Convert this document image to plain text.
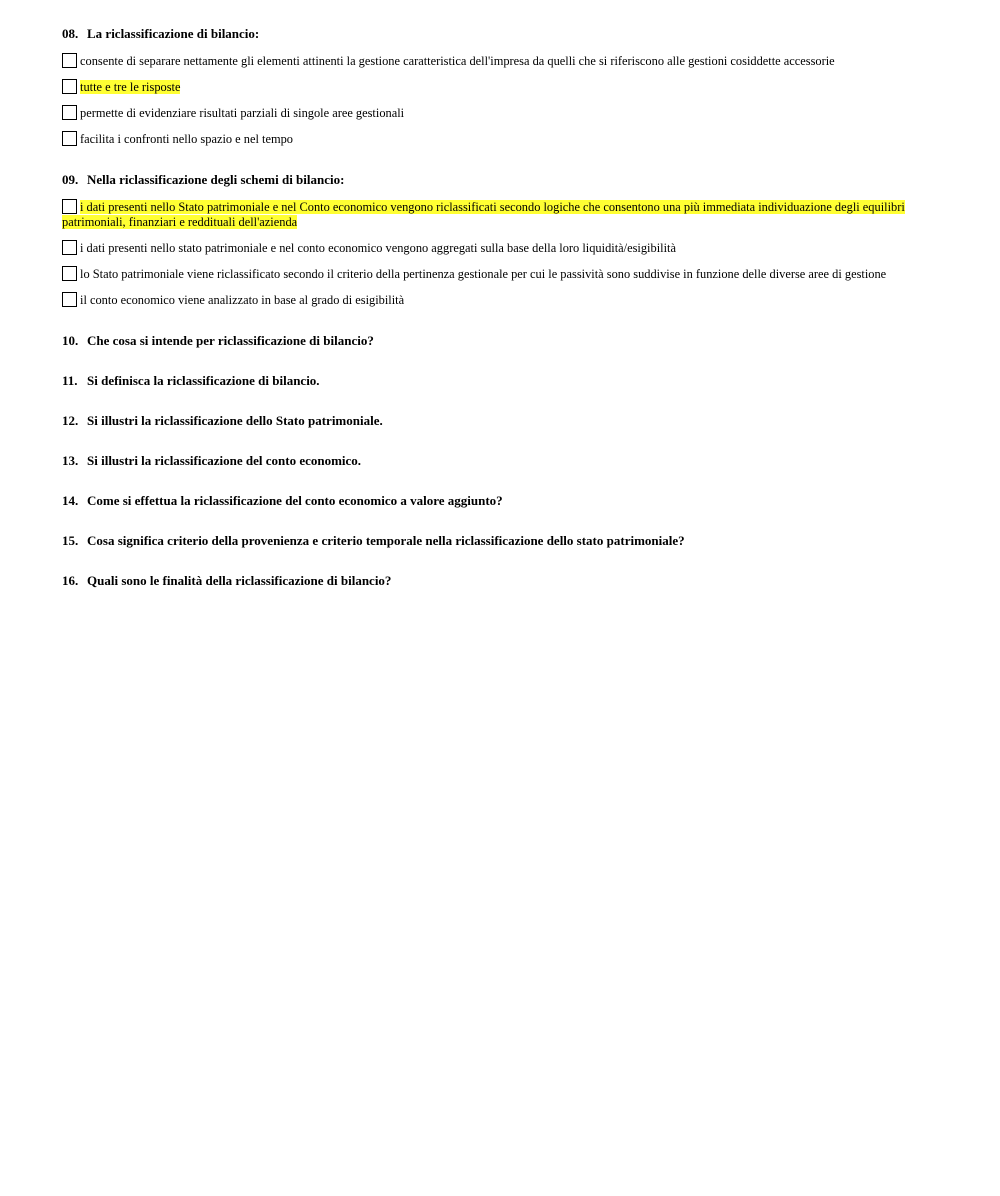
08. La riclassificazione di bilancio:
consente di separare nettamente gli elementi attinenti la gestione caratteristica dell'impresa da quelli che si riferiscono alle gestioni cosiddette accessorie
tutte e tre le risposte
permette di evidenziare risultati parziali di singole aree gestionali
facilita i confronti nello spazio e nel tempo
09. Nella riclassificazione degli schemi di bilancio:
i dati presenti nello Stato patrimoniale e nel Conto economico vengono riclassificati secondo logiche che consentono una più immediata individuazione degli equilibri patrimoniali, finanziari e reddituali dell'azienda
i dati presenti nello stato patrimoniale e nel conto economico vengono aggregati sulla base della loro liquidità/esigibilità
lo Stato patrimoniale viene riclassificato secondo il criterio della pertinenza gestionale per cui le passività sono suddivise in funzione delle diverse aree di gestione
il conto economico viene analizzato in base al grado di esigibilità
10. Che cosa si intende per riclassificazione di bilancio?
11. Si definisca la riclassificazione di bilancio.
12. Si illustri la riclassificazione dello Stato patrimoniale.
13. Si illustri la riclassificazione del conto economico.
14. Come si effettua la riclassificazione del conto economico a valore aggiunto?
15. Cosa significa criterio della provenienza e criterio temporale nella riclassificazione dello stato patrimoniale?
16. Quali sono le finalità della riclassificazione di bilancio?
